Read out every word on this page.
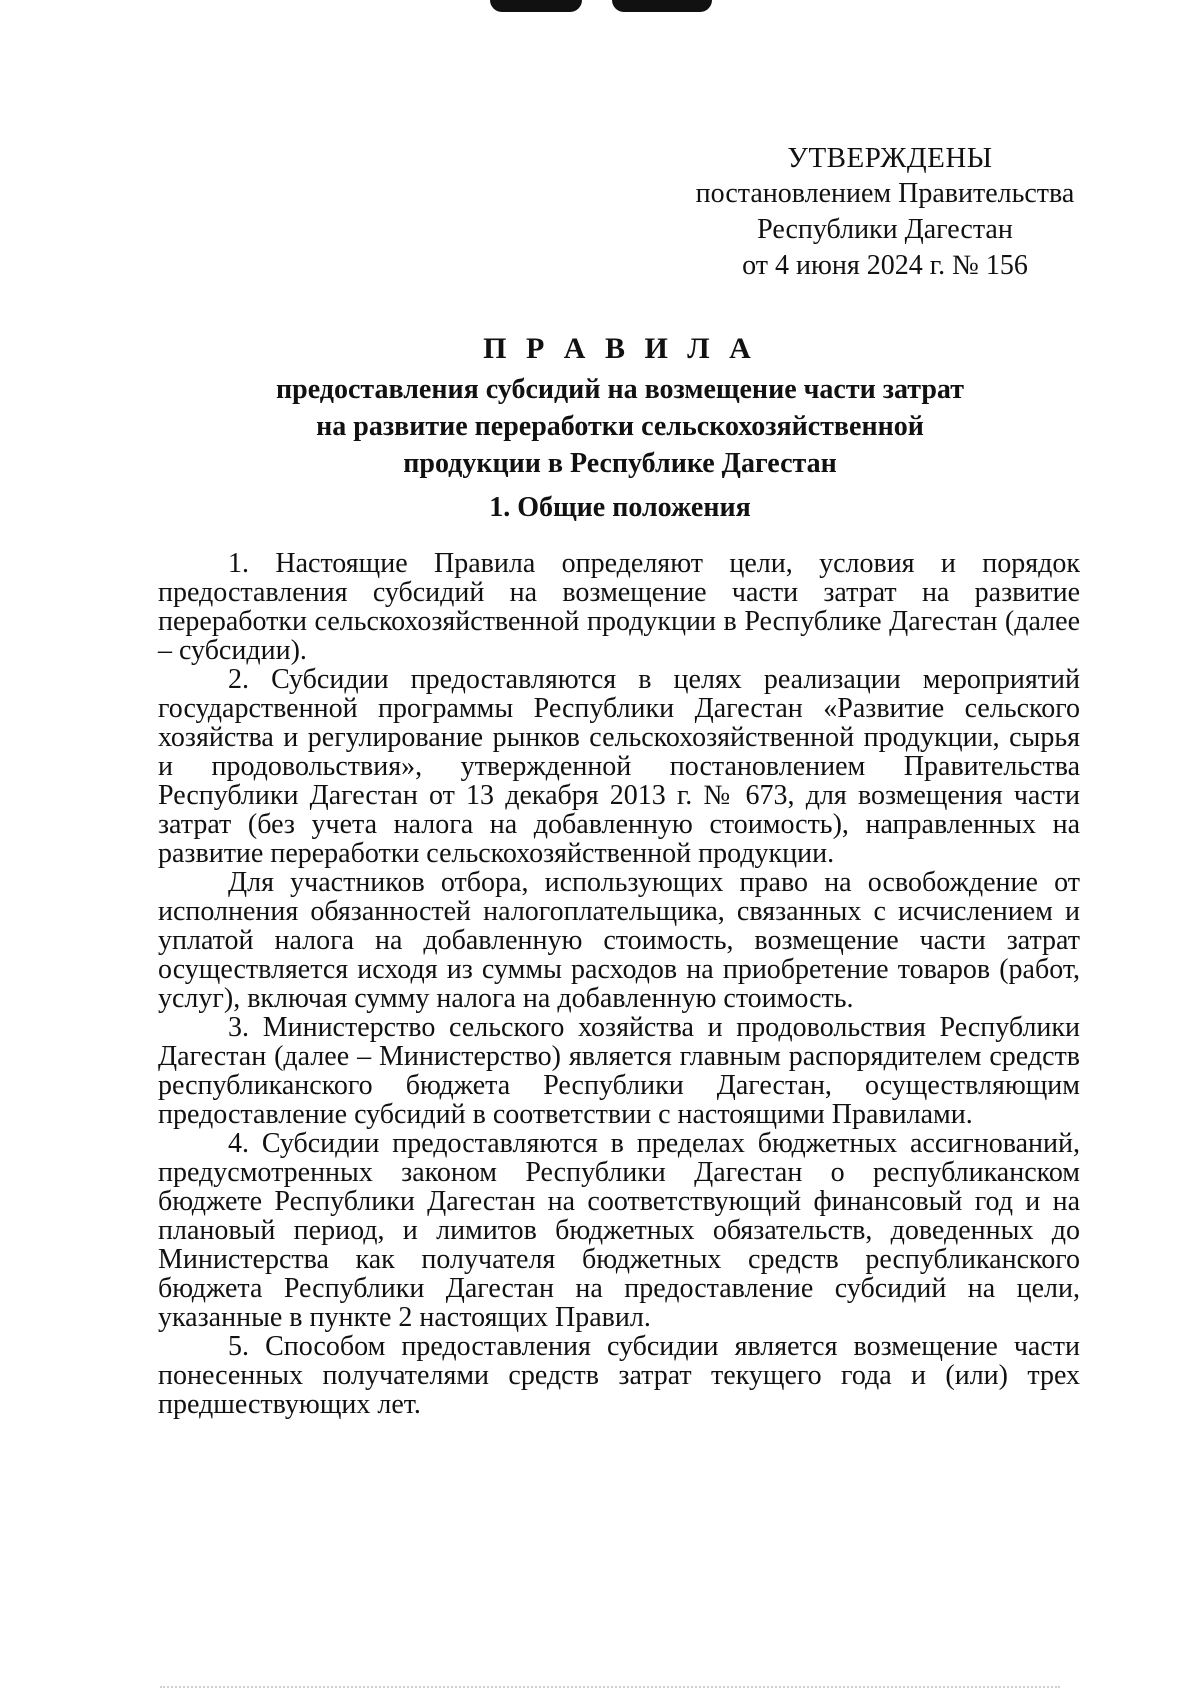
УТВЕРЖДЕНЫ
постановлением Правительства
Республики Дагестан
от 4 июня 2024 г. № 156
П Р А В И Л А
предоставления субсидий на возмещение части затрат
на развитие переработки сельскохозяйственной
продукции в Республике Дагестан
1. Общие положения

1. Настоящие Правила определяют цели, условия и порядок предоставления субсидий на возмещение части затрат на развитие переработки сельскохозяйственной продукции в Республике Дагестан (далее – субсидии).

2. Субсидии предоставляются в целях реализации мероприятий государственной программы Республики Дагестан «Развитие сельского хозяйства и регулирование рынков сельскохозяйственной продукции, сырья и продовольствия», утвержденной постановлением Правительства Республики Дагестан от 13 декабря 2013 г. № 673, для возмещения части затрат (без учета налога на добавленную стоимость), направленных на развитие переработки сельскохозяйственной продукции.

Для участников отбора, использующих право на освобождение от исполнения обязанностей налогоплательщика, связанных с исчислением и уплатой налога на добавленную стоимость, возмещение части затрат осуществляется исходя из суммы расходов на приобретение товаров (работ, услуг), включая сумму налога на добавленную стоимость.

3. Министерство сельского хозяйства и продовольствия Республики Дагестан (далее – Министерство) является главным распорядителем средств республиканского бюджета Республики Дагестан, осуществляющим предоставление субсидий в соответствии с настоящими Правилами.

4. Субсидии предоставляются в пределах бюджетных ассигнований, предусмотренных законом Республики Дагестан о республиканском бюджете Республики Дагестан на соответствующий финансовый год и на плановый период, и лимитов бюджетных обязательств, доведенных до Министерства как получателя бюджетных средств республиканского бюджета Республики Дагестан на предоставление субсидий на цели, указанные в пункте 2 настоящих Правил.

5. Способом предоставления субсидии является возмещение части понесенных получателями средств затрат текущего года и (или) трех предшествующих лет.
